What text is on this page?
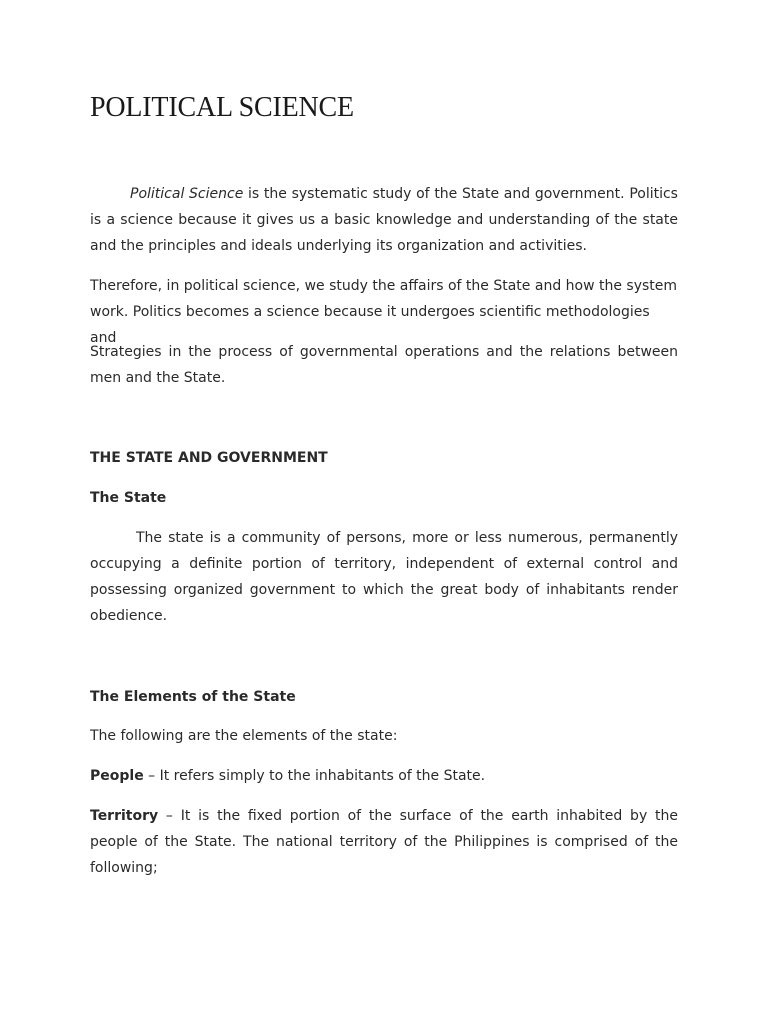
POLITICAL SCIENCE

Political Science is the systematic study of the State and government. Politics is a science because it gives us a basic knowledge and understanding of the state and the principles and ideals underlying its organization and activities.

Therefore, in political science, we study the affairs of the State and how the system work. Politics becomes a science because it undergoes scientific methodologies and

Strategies in the process of governmental operations and the relations between men and the State.

THE STATE AND GOVERNMENT
The State

The state is a community of persons, more or less numerous, permanently occupying a definite portion of territory, independent of external control and possessing organized government to which the great body of inhabitants render obedience.

The Elements of the State

The following are the elements of the state:

People – It refers simply to the inhabitants of the State.

Territory – It is the fixed portion of the surface of the earth inhabited by the people of the State. The national territory of the Philippines is comprised of the following;
